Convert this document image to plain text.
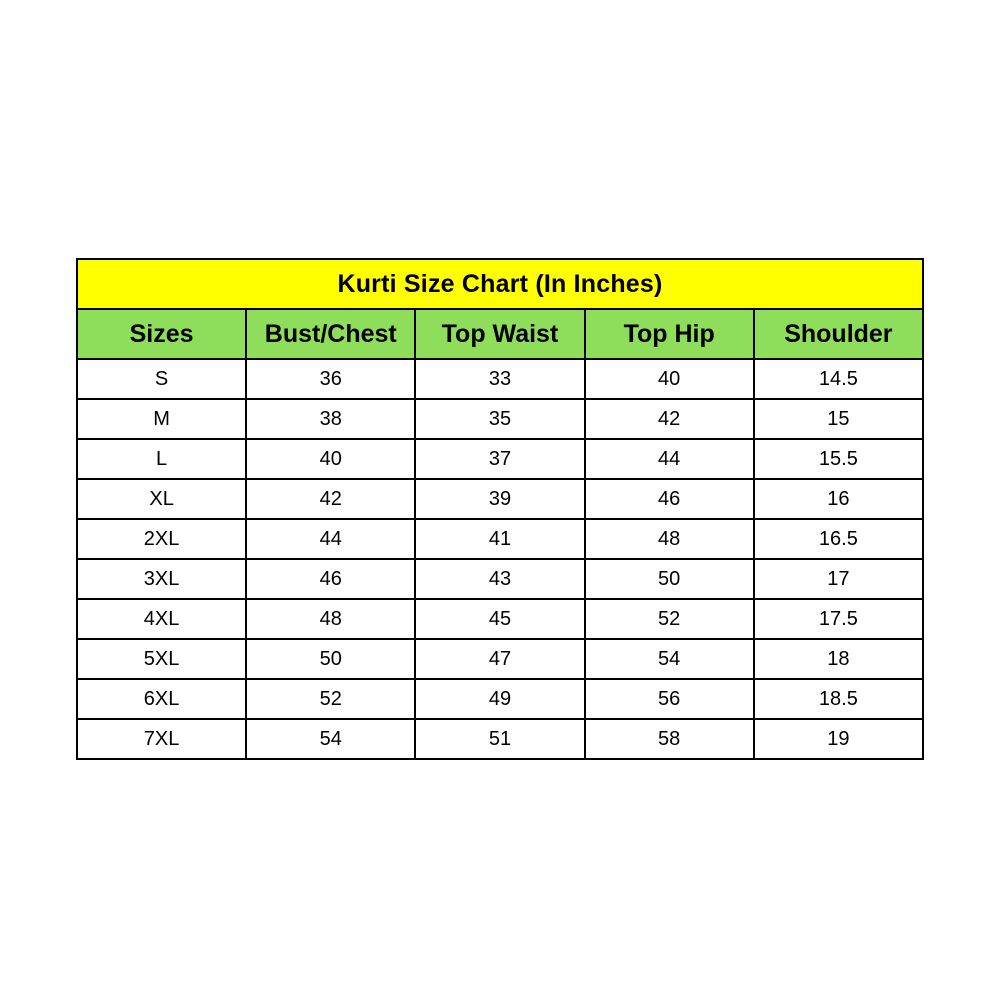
Kurti Size Chart (In Inches)				
Sizes	Bust/Chest	Top Waist	Top Hip	Shoulder
S	36	33	40	14.5
M	38	35	42	15
L	40	37	44	15.5
XL	42	39	46	16
2XL	44	41	48	16.5
3XL	46	43	50	17
4XL	48	45	52	17.5
5XL	50	47	54	18
6XL	52	49	56	18.5
7XL	54	51	58	19
